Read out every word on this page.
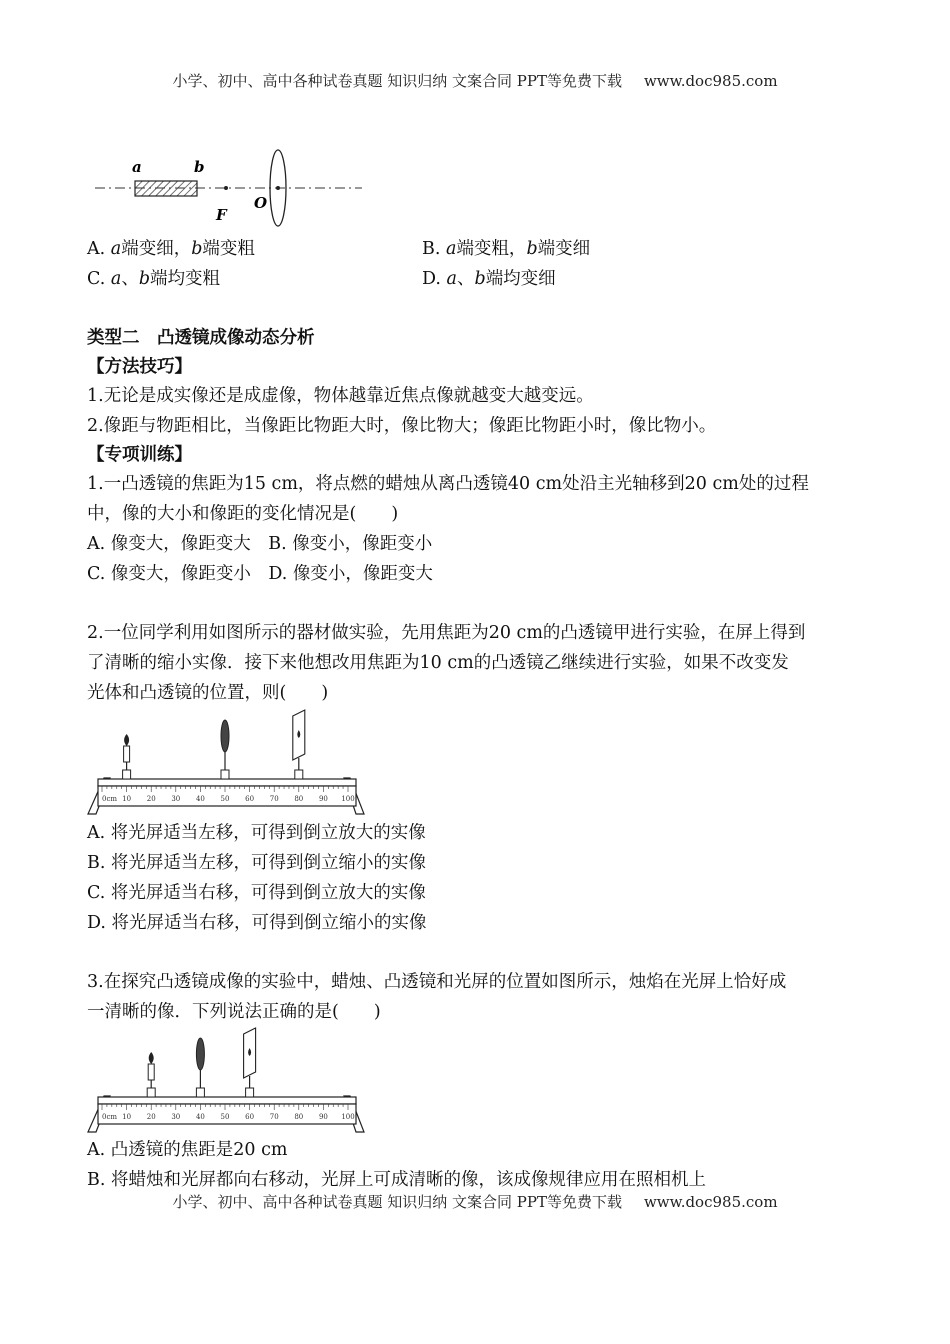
小学、初中、高中各种试卷真题 知识归纳 文案合同 PPT等免费下载 www.doc985.com
a	b
F
O
A. a端变细，b端变粗	B. a端变粗，b端变细
C. a、b端均变粗	D. a、b端均变细
类型二　凸透镜成像动态分析
【方法技巧】
1.无论是成实像还是成虚像，物体越靠近焦点像就越变大越变远。
2.像距与物距相比，当像距比物距大时，像比物大；像距比物距小时，像比物小。
【专项训练】
1.一凸透镜的焦距为15 cm，将点燃的蜡烛从离凸透镜40 cm处沿主光轴移到20 cm处的过程
中，像的大小和像距的变化情况是(　　)
A. 像变大，像距变大　B. 像变小，像距变小
C. 像变大，像距变小　D. 像变小，像距变大
2.一位同学利用如图所示的器材做实验，先用焦距为20 cm的凸透镜甲进行实验，在屏上得到
了清晰的缩小实像．接下来他想改用焦距为10 cm的凸透镜乙继续进行实验，如果不改变发
光体和凸透镜的位置，则(　　)
0cm 10 20 30 40 50 60 70 80 90 100
A. 将光屏适当左移，可得到倒立放大的实像
B. 将光屏适当左移，可得到倒立缩小的实像
C. 将光屏适当右移，可得到倒立放大的实像
D. 将光屏适当右移，可得到倒立缩小的实像
3.在探究凸透镜成像的实验中，蜡烛、凸透镜和光屏的位置如图所示，烛焰在光屏上恰好成
一清晰的像．下列说法正确的是(　　)
0cm 10 20 30 40 50 60 70 80 90 100
A. 凸透镜的焦距是20 cm
B. 将蜡烛和光屏都向右移动，光屏上可成清晰的像，该成像规律应用在照相机上
小学、初中、高中各种试卷真题 知识归纳 文案合同 PPT等免费下载 www.doc985.com
